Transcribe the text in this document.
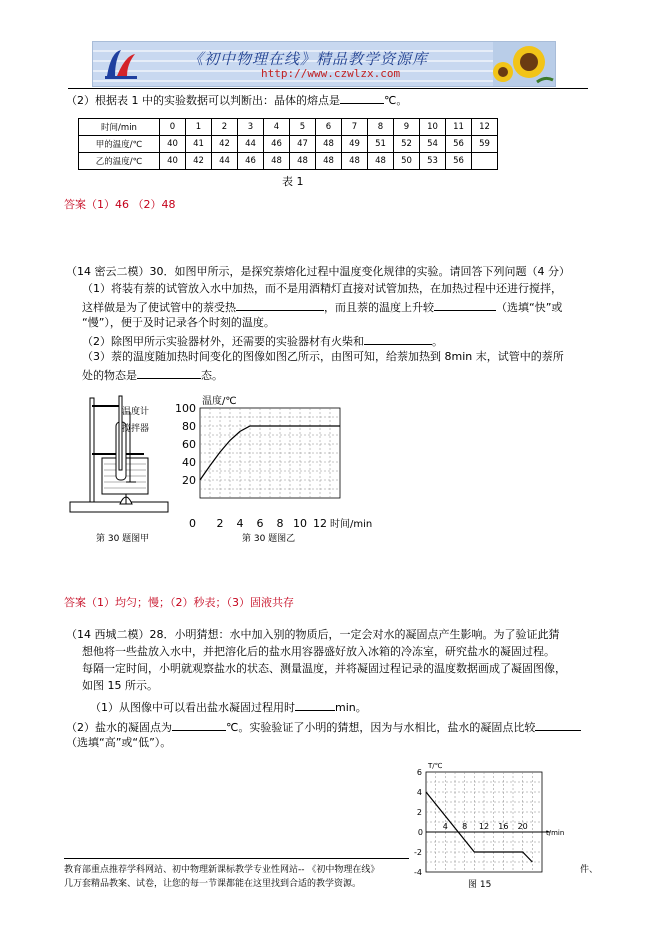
《初中物理在线》精品教学资源库
http://www.czwlzx.com
（2）根据表 1 中的实验数据可以判断出：晶体的熔点是	℃。
时间/min	0	1	2	3	4	5	6	7	8	9	10	11	12
甲的温度/℃	40	41	42	44	46	47	48	49	51	52	54	56	59
乙的温度/℃	40	42	44	46	48	48	48	48	48	50	53	56	
表 1
答案（1）46 （2）48
（14 密云二模）30．如图甲所示，是探究萘熔化过程中温度变化规律的实验。请回答下列问题（4 分）
（1）将装有萘的试管放入水中加热，而不是用酒精灯直接对试管加热，在加热过程中还进行搅拌，
这样做是为了使试管中的萘受热	，而且萘的温度上升较	（选填“快”或
“慢”），便于及时记录各个时刻的温度。
（2）除图甲所示实验器材外，还需要的实验器材有火柴和	。
（3）萘的温度随加热时间变化的图像如图乙所示，由图可知，给萘加热到 8min 末，试管中的萘所
处的物态是	态。
温度计
搅拌器
第 30 题图甲
2 4 6 8 10 12
20
40
60
80
100
0
温度/℃
时间/min
第 30 题图乙
答案（1）均匀；慢；（2）秒表；（3）固液共存
（14 西城二模）28．小明猜想：水中加入别的物质后，一定会对水的凝固点产生影响。为了验证此猜
想他将一些盐放入水中，并把溶化后的盐水用容器盛好放入冰箱的冷冻室，研究盐水的凝固过程。
每隔一定时间，小明就观察盐水的状态、测量温度，并将凝固过程记录的温度数据画成了凝固图像，
如图 15 所示。
（1）从图像中可以看出盐水凝固过程用时	min。
（2）盐水的凝固点为	℃。实验验证了小明的猜想，因为与水相比，盐水的凝固点比较
（选填“高”或“低”）。
4 8 12 16 20
-4
-2
2
4
6
0
T/℃
t/min
图 15
教育部重点推荐学科网站、初中物理新课标教学专业性网站-- 《初中物理在线》	件、
几万套精品教案、试卷，让您的每一节课都能在这里找到合适的教学资源。
